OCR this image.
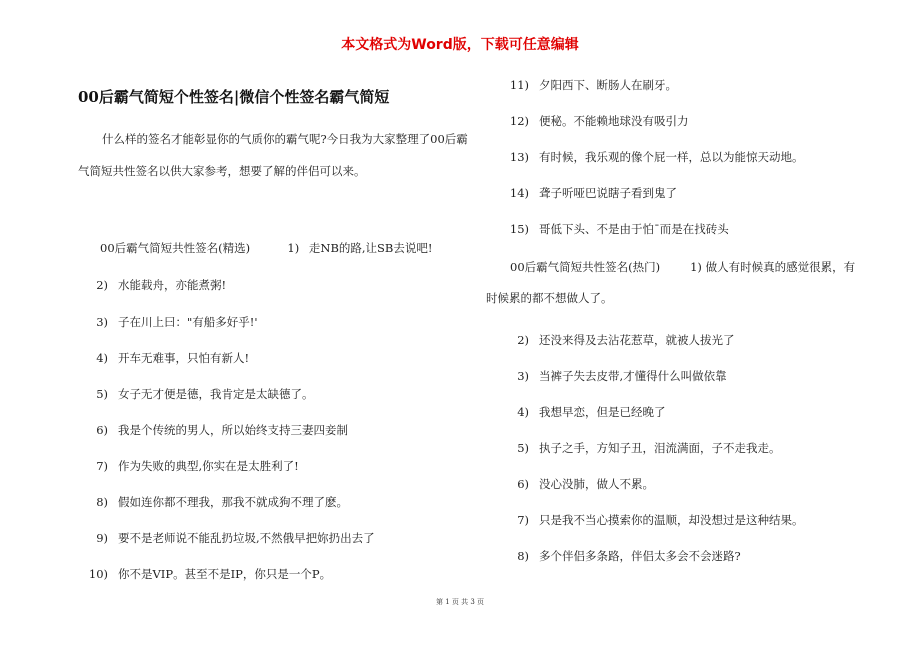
本文格式为Word版，下载可任意编辑
00后霸气简短个性签名|微信个性签名霸气简短
什么样的签名才能彰显你的气质你的霸气呢?今日我为大家整理了00后霸气简短共性签名以供大家参考，想要了解的伴侣可以来。
00后霸气简短共性签名(精选)	1) 走NB的路,让SB去说吧!
2) 水能载舟，亦能煮粥!
3) 子在川上曰："有船多好乎!'
4) 开车无难事，只怕有新人!
5) 女子无才便是德，我肯定是太缺德了。
6) 我是个传统的男人，所以始终支持三妻四妾制
7) 作为失败的典型,你实在是太胜利了!
8) 假如连你都不理我，那我不就成狗不理了麽。
9) 要不是老师说不能乱扔垃圾,不然俄早把妳扔出去了
10) 你不是VIP。甚至不是IP，你只是一个P。
11) 夕阳西下、断肠人在刷牙。
12) 便秘。不能赖地球没有吸引力
13) 有时候，我乐观的像个屁一样，总以为能惊天动地。
14) 聋子听哑巴说瞎子看到鬼了
15) 哥低下头、不是由于怕¯而是在找砖头
00后霸气简短共性签名(热门)	1) 做人有时候真的感觉很累，有时候累的都不想做人了。
2) 还没来得及去沾花惹草，就被人拔光了
3) 当裤子失去皮带,才懂得什么叫做依靠
4) 我想早恋，但是已经晚了
5) 执子之手，方知子丑，泪流满面，子不走我走。
6) 没心没肺，做人不累。
7) 只是我不当心摸索你的温顺，却没想过是这种结果。
8) 多个伴侣多条路，伴侣太多会不会迷路?
第 1 页 共 3 页
